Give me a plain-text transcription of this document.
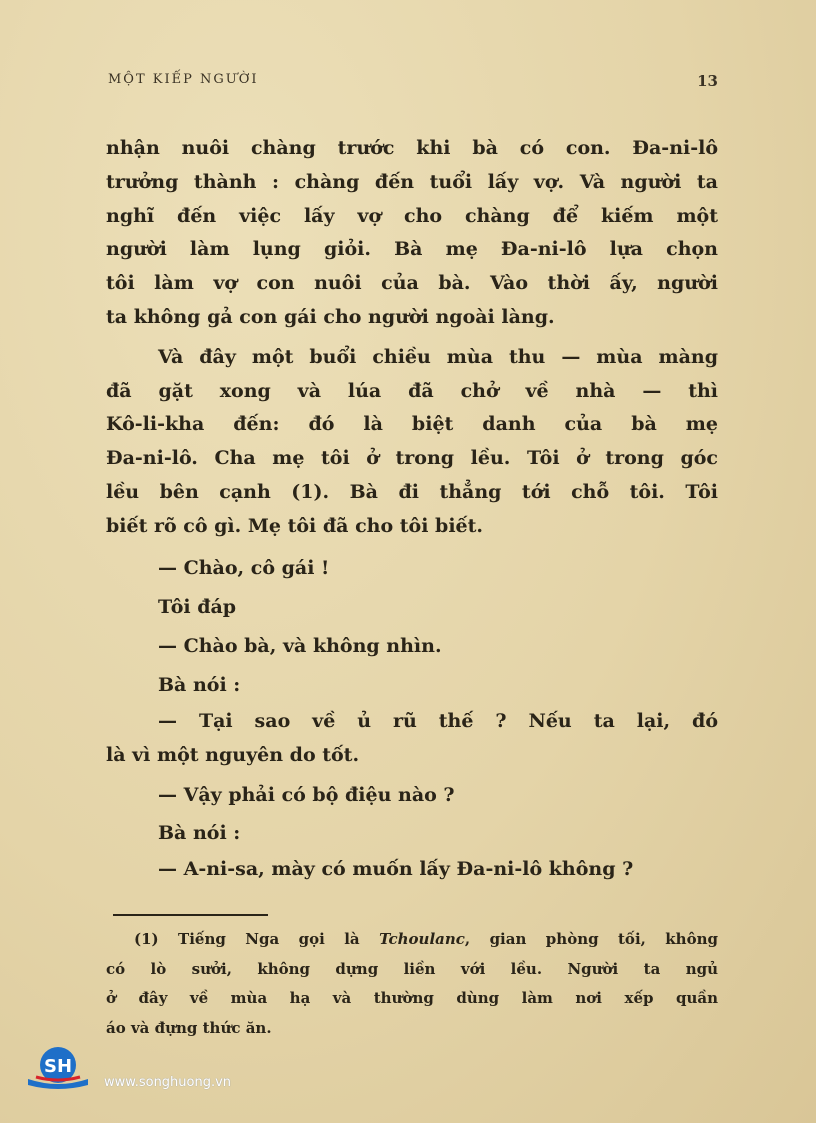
MỘT KIẾP NGƯỜI	13

nhận nuôi chàng trước khi bà có con. Đa-ni-lô
trưởng thành : chàng đến tuổi lấy vợ. Và người ta
nghĩ đến việc lấy vợ cho chàng để kiếm một
người làm lụng giỏi. Bà mẹ Đa-ni-lô lựa chọn
tôi làm vợ con nuôi của bà. Vào thời ấy, người
ta không gả con gái cho người ngoài làng.

Và đây một buổi chiều mùa thu — mùa màng
đã gặt xong và lúa đã chở về nhà — thì
Kô-li-kha đến: đó là biệt danh của bà mẹ
Đa-ni-lô. Cha mẹ tôi ở trong lều. Tôi ở trong góc
lều bên cạnh (1). Bà đi thẳng tới chỗ tôi. Tôi
biết rõ cô gì. Mẹ tôi đã cho tôi biết.

— Chào, cô gái !
Tôi đáp
— Chào bà, và không nhìn.
Bà nói :
— Tại sao về ủ rũ thế ? Nếu ta lại, đó
là vì một nguyên do tốt.
— Vậy phải có bộ điệu nào ?
Bà nói :
— A-ni-sa, mày có muốn lấy Đa-ni-lô không ?
(1) Tiếng Nga gọi là Tchoulanc, gian phòng tối, không
có lò sưởi, không dựng liền với lều. Người ta ngủ
ở đây về mùa hạ và thường dùng làm nơi xếp quần
áo và đựng thức ăn.
SH
www.songhuong.vn
